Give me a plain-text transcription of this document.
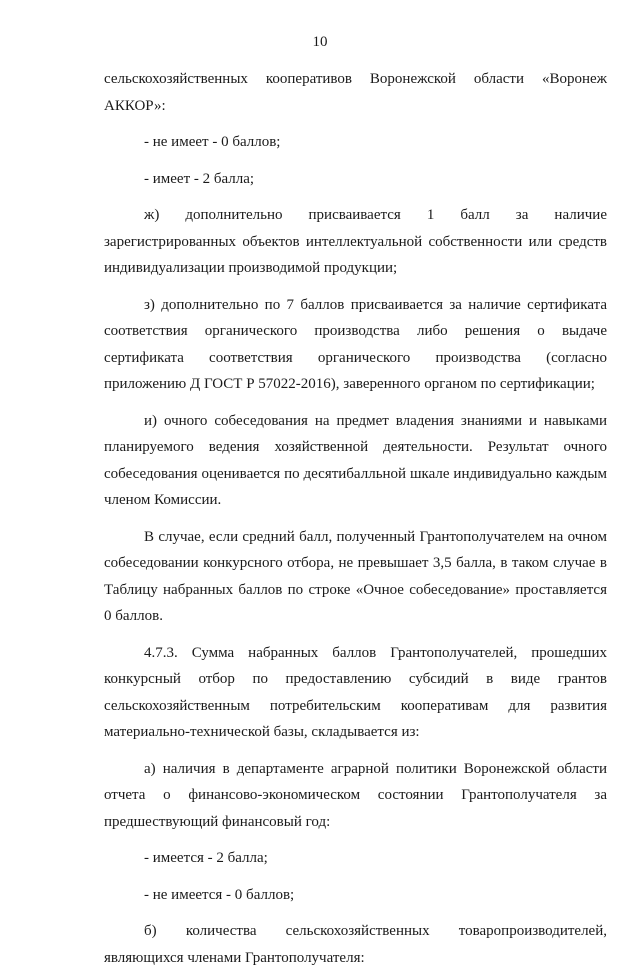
10

сельскохозяйственных кооперативов Воронежской области «Воронеж АККОР»:

- не имеет - 0 баллов;

- имеет - 2 балла;

ж) дополнительно присваивается 1 балл за наличие зарегистрированных объектов интеллектуальной собственности или средств индивидуализации производимой продукции;

з) дополнительно по 7 баллов присваивается за наличие сертификата соответствия органического производства либо решения о выдаче сертификата соответствия органического производства (согласно приложению Д ГОСТ Р 57022-2016), заверенного органом по сертификации;

и) очного собеседования на предмет владения знаниями и навыками планируемого ведения хозяйственной деятельности. Результат очного собеседования оценивается по десятибалльной шкале индивидуально каждым членом Комиссии.

В случае, если средний балл, полученный Грантополучателем на очном собеседовании конкурсного отбора, не превышает 3,5 балла, в таком случае в Таблицу набранных баллов по строке «Очное собеседование» проставляется 0 баллов.

4.7.3. Сумма набранных баллов Грантополучателей, прошедших конкурсный отбор по предоставлению субсидий в виде грантов сельскохозяйственным потребительским кооперативам для развития материально-технической базы, складывается из:

а) наличия в департаменте аграрной политики Воронежской области отчета о финансово-экономическом состоянии Грантополучателя за предшествующий финансовый год:

- имеется - 2 балла;

- не имеется - 0 баллов;

б) количества сельскохозяйственных товаропроизводителей, являющихся членами Грантополучателя:
